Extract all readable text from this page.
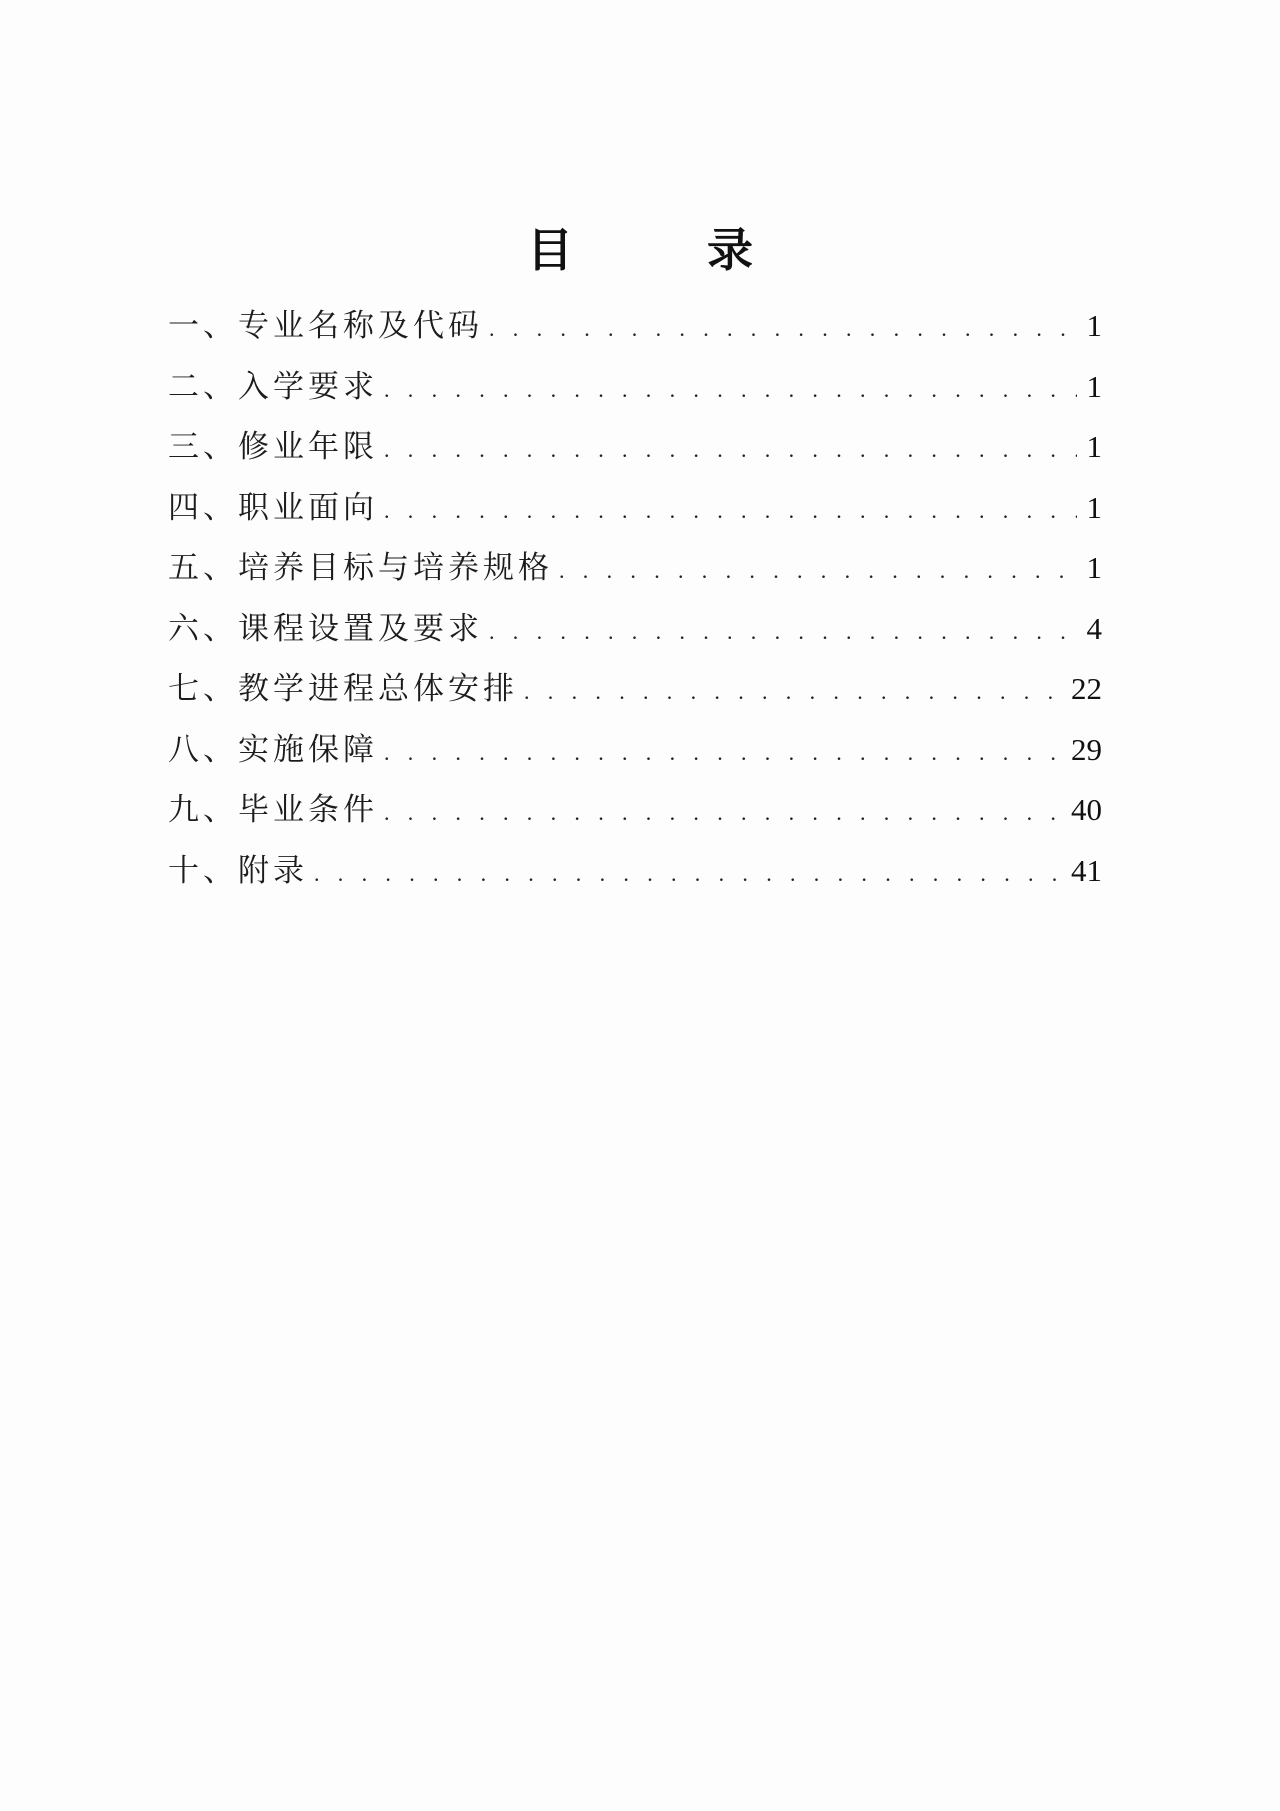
目　录
一、专业名称及代码 . . .	1
二、入学要求 . . .	1
三、修业年限 . . .	1
四、职业面向 . . .	1
五、培养目标与培养规格 . . .	1
六、课程设置及要求 . . .	4
七、教学进程总体安排 . . .	22
八、实施保障 . . .	29
九、毕业条件 . . .	40
十、附录 . . .	41
